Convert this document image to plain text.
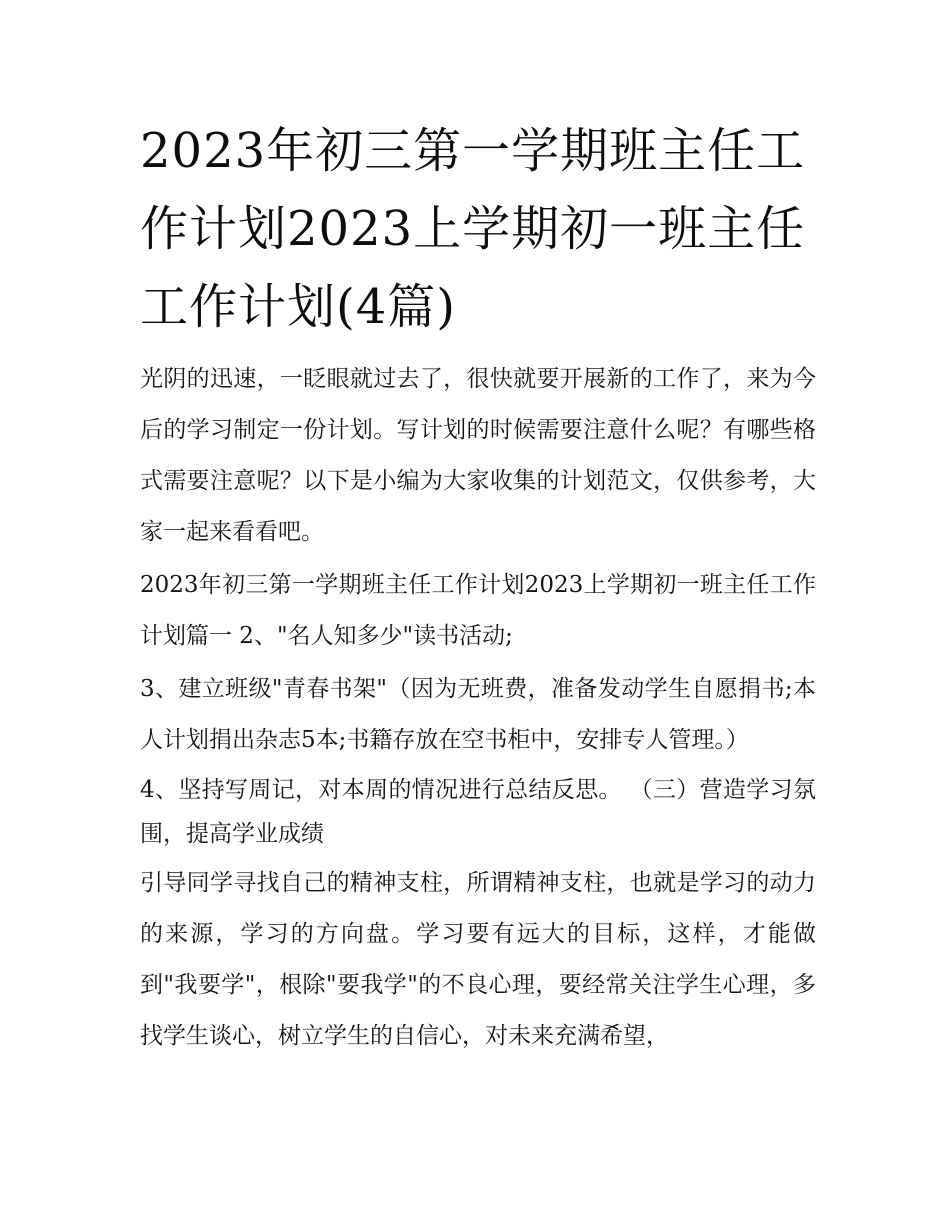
2023年初三第一学期班主任工作计划2023上学期初一班主任工作计划(4篇)

光阴的迅速，一眨眼就过去了，很快就要开展新的工作了，来为今后的学习制定一份计划。写计划的时候需要注意什么呢？有哪些格式需要注意呢？以下是小编为大家收集的计划范文，仅供参考，大家一起来看看吧。

2023年初三第一学期班主任工作计划2023上学期初一班主任工作计划篇一 2、"名人知多少"读书活动;

3、建立班级"青春书架"（因为无班费，准备发动学生自愿捐书;本人计划捐出杂志5本;书籍存放在空书柜中，安排专人管理。）

4、坚持写周记，对本周的情况进行总结反思。 （三）营造学习氛围，提高学业成绩

引导同学寻找自己的精神支柱，所谓精神支柱，也就是学习的动力的来源，学习的方向盘。学习要有远大的目标，这样，才能做到"我要学"，根除"要我学"的不良心理，要经常关注学生心理，多找学生谈心，树立学生的自信心，对未来充满希望，
